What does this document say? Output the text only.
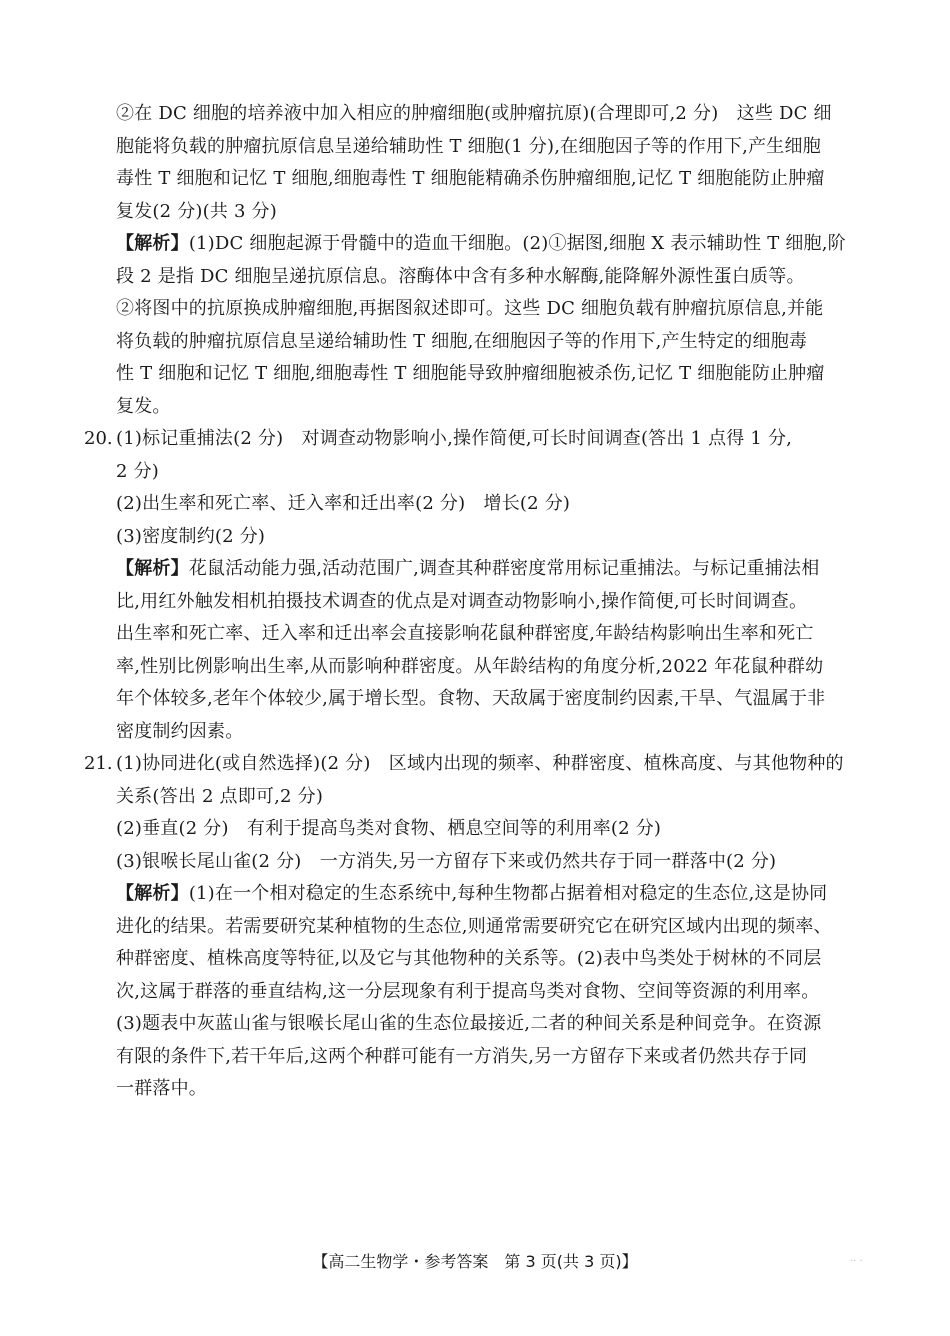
②在 DC 细胞的培养液中加入相应的肿瘤细胞(或肿瘤抗原)(合理即可,2 分)　这些 DC 细
胞能将负载的肿瘤抗原信息呈递给辅助性 T 细胞(1 分),在细胞因子等的作用下,产生细胞
毒性 T 细胞和记忆 T 细胞,细胞毒性 T 细胞能精确杀伤肿瘤细胞,记忆 T 细胞能防止肿瘤
复发(2 分)(共 3 分)
【解析】(1)DC 细胞起源于骨髓中的造血干细胞。(2)①据图,细胞 X 表示辅助性 T 细胞,阶
段 2 是指 DC 细胞呈递抗原信息。溶酶体中含有多种水解酶,能降解外源性蛋白质等。
②将图中的抗原换成肿瘤细胞,再据图叙述即可。这些 DC 细胞负载有肿瘤抗原信息,并能
将负载的肿瘤抗原信息呈递给辅助性 T 细胞,在细胞因子等的作用下,产生特定的细胞毒
性 T 细胞和记忆 T 细胞,细胞毒性 T 细胞能导致肿瘤细胞被杀伤,记忆 T 细胞能防止肿瘤
复发。
20. (1)标记重捕法(2 分)　对调查动物影响小,操作简便,可长时间调查(答出 1 点得 1 分,
2 分)
(2)出生率和死亡率、迁入率和迁出率(2 分)　增长(2 分)
(3)密度制约(2 分)
【解析】花鼠活动能力强,活动范围广,调查其种群密度常用标记重捕法。与标记重捕法相
比,用红外触发相机拍摄技术调查的优点是对调查动物影响小,操作简便,可长时间调查。
出生率和死亡率、迁入率和迁出率会直接影响花鼠种群密度,年龄结构影响出生率和死亡
率,性别比例影响出生率,从而影响种群密度。从年龄结构的角度分析,2022 年花鼠种群幼
年个体较多,老年个体较少,属于增长型。食物、天敌属于密度制约因素,干旱、气温属于非
密度制约因素。
21. (1)协同进化(或自然选择)(2 分)　区域内出现的频率、种群密度、植株高度、与其他物种的
关系(答出 2 点即可,2 分)
(2)垂直(2 分)　有利于提高鸟类对食物、栖息空间等的利用率(2 分)
(3)银喉长尾山雀(2 分)　一方消失,另一方留存下来或仍然共存于同一群落中(2 分)
【解析】(1)在一个相对稳定的生态系统中,每种生物都占据着相对稳定的生态位,这是协同
进化的结果。若需要研究某种植物的生态位,则通常需要研究它在研究区域内出现的频率、
种群密度、植株高度等特征,以及它与其他物种的关系等。(2)表中鸟类处于树林的不同层
次,这属于群落的垂直结构,这一分层现象有利于提高鸟类对食物、空间等资源的利用率。
(3)题表中灰蓝山雀与银喉长尾山雀的生态位最接近,二者的种间关系是种间竞争。在资源
有限的条件下,若干年后,这两个种群可能有一方消失,另一方留存下来或者仍然共存于同
一群落中。
【高二生物学・参考答案　第 3 页(共 3 页)】	·· ·
